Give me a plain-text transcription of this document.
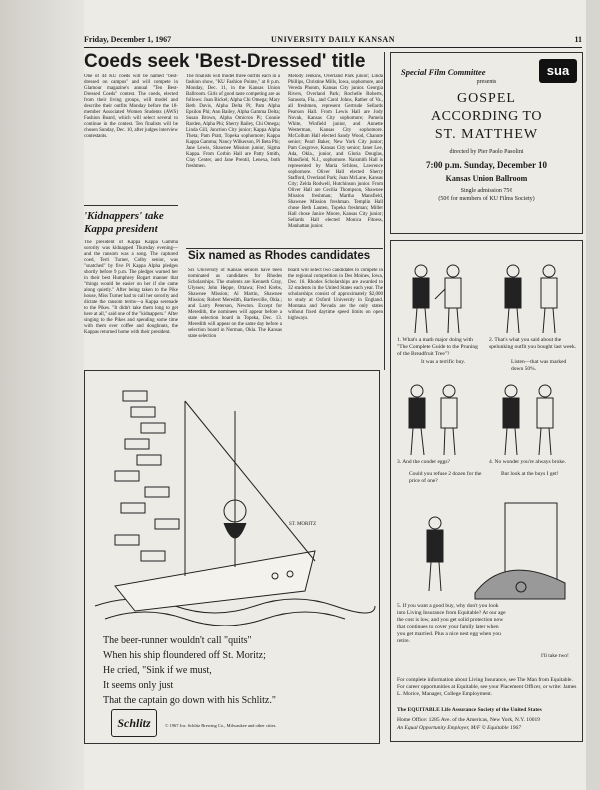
Friday, December 1, 1967	UNIVERSITY DAILY KANSAN	11
Coeds seek 'Best-Dressed' title
One of 44 KU coeds will be named "best-dressed on campus" and will compete in Glamour magazine's annual "Ten Best-Dressed Coeds" contest. The coeds, elected from their living groups, will model and describe their outfits Monday before the 18-member Associated Women Students (AWS) Fashion Board, which will select several to continue in the contest. Ten finalists will be chosen Sunday, Dec. 10, after judges interview contestants.
The finalists will model three outfits each in a fashion show, "KU Fashion Pointe," at 8 p.m. Monday, Dec. 11, in the Kansas Union Ballroom. Girls of good taste competing are as follows: Joan Bickel; Alpha Chi Omega; Mary Beth Davis, Alpha Delta Pi; Pam Alpha Epsilon Phi; Ann Bailey, Alpha Gamma Delta; Susan Brown, Alpha Omicron Pi; Connie Rarden, Alpha Phi; Sherry Bailey, Chi Omega; Linda Gill, Junction City junior; Kappa Alpha Theta; Pam Pratt, Topeka sophomore; Kappa Kappa Gamma; Nancy Wilkerson, Pi Beta Phi; Jane Lewis, Shawnee Mission junior, Sigma Kappa. From Corbin Hall are Patty Smith, Clay Center, and Jane Prentil, Lenexa, both freshmen.
Melody Jenkins, Overland Park junior; Linda Phillips, Christine Mills, Iowa, sophomore, and Vereda Phonm, Kansas City junior. Georgia Rivers, Overland Park; Rochelle Roberts, Sarasota, Fla., and Carol Johns, Rather of Va., all freshmen, represent Gertrude Sellards Pearson Hall. From Lewis Hall are Jody Novak, Kansas City sophomore; Pamela White, Winfield junior, and Annette Westerman, Kansas City sophomore. McCollum Hall elected Sandy Wood, Chanute senior; Pearl Baker, New York City junior; Pam Cosgrove, Kansas City senior; Janet Lee, Ada, Okla., junior, and Gloria Douglas, Mansfield, N.J., sophomore. Naismith Hall is represented by Maria Schloss, Lawrence sophomore. Oliver Hall elected Sherry Stafford, Overland Park; Joan McLane, Kansas City; Zelda Rodwell, Hutchinson junior. From Oliver Hall are Cecilia Thompson, Shawnee Mission freshman; Martha Mansfield, Shawnee Mission freshman. Templin Hall chose Beth Lauten, Topeka freshman; Miller Hall chose Janice Moore, Kansas City junior; Sellards Hall elected Monica Fitness, Manhattan junior.
'Kidnappers' take Kappa president
The president of Kappa Kappa Gamma sorority was kidnapped Thursday evening—and the ransom was a song. The captured coed, Terri Turner, Colby senior, was "snatched" by five Pi Kappa Alpha pledges shortly before 9 p.m. The pledges warned her in their best Humphrey Bogart manner that "things would be easier on her if she came along quietly." After being taken to the Pike house, Miss Turner had to call her sorority and dictate the ransom terms—a Kappa serenade to the Pikes. "It didn't take them long to get here at all," said one of the "kidnappers." After singing to the Pikes and spending some time with them over coffee and doughnuts, the Kappas returned home with their president.
Six named as Rhodes candidates
Six University of Kansas seniors have been nominated as candidates for Rhodes Scholarships. The students are Kenneth Gray, Ulysses; John Heppe, Ottawa; Fred Krebs, Shawnee Mission; Al Martin, Shawnee Mission; Robert Meredith, Bartlesville, Okla.; and Larry Peterson, Newton. Except for Meredith, the nominees will appear before a state selection board in Topeka, Dec. 13. Meredith will appear on the same day before a selection board in Norman, Okla. The Kansas state selection
board will select two candidates to compete in the regional competition in Des Moines, Iowa, Dec. 16. Rhodes Scholarships are awarded to 32 students in the United States each year. The scholarships consist of approximately $2,000 to study at Oxford University in England. Montana and Nevada are the only states without fixed daytime speed limits on open highways.
Special Film Committee	sua
presents
GOSPEL
ACCORDING TO
ST. MATTHEW
directed by Pier Paolo Pasolini
7:00 p.m. Sunday, December 10
Kansas Union Ballroom
Single admission 75¢
(50¢ for members of KU Films Society)
1. What's a math major doing with "The Complete Guide to the Pruning of the Breadfruit Tree"?
It was a terrific buy.
2. That's what you said about the spelunking outfit you bought last week.
Listen—that was marked down 50%.
3. And the conder eggs?
Could you refuse 2 dozen for the price of one?
4. No wonder you're always broke.
But look at the buys I get!
5. If you want a good buy, why don't you look into Living Insurance from Equitable? At our age the cost is low, and you get solid protection now that continues to cover your family later when you get married. Plus a nice nest egg when you retire.
I'll take two!
For complete information about Living Insurance, see The Man from Equitable. For career opportunities at Equitable, see your Placement Officer, or write: James L. Morice, Manager, College Employment.
The EQUITABLE Life Assurance Society of the United States
Home Office: 1285 Ave. of the Americas, New York, N.Y. 10019
An Equal Opportunity Employer, M/F © Equitable 1967
ST. MORITZ
The beer-runner wouldn't call "quits"
When his ship floundered off St. Moritz;
He cried, "Sink if we must,
It seems only just
That the captain go down with his Schlitz."
Schlitz	© 1967 Jos. Schlitz Brewing Co., Milwaukee and other cities.
